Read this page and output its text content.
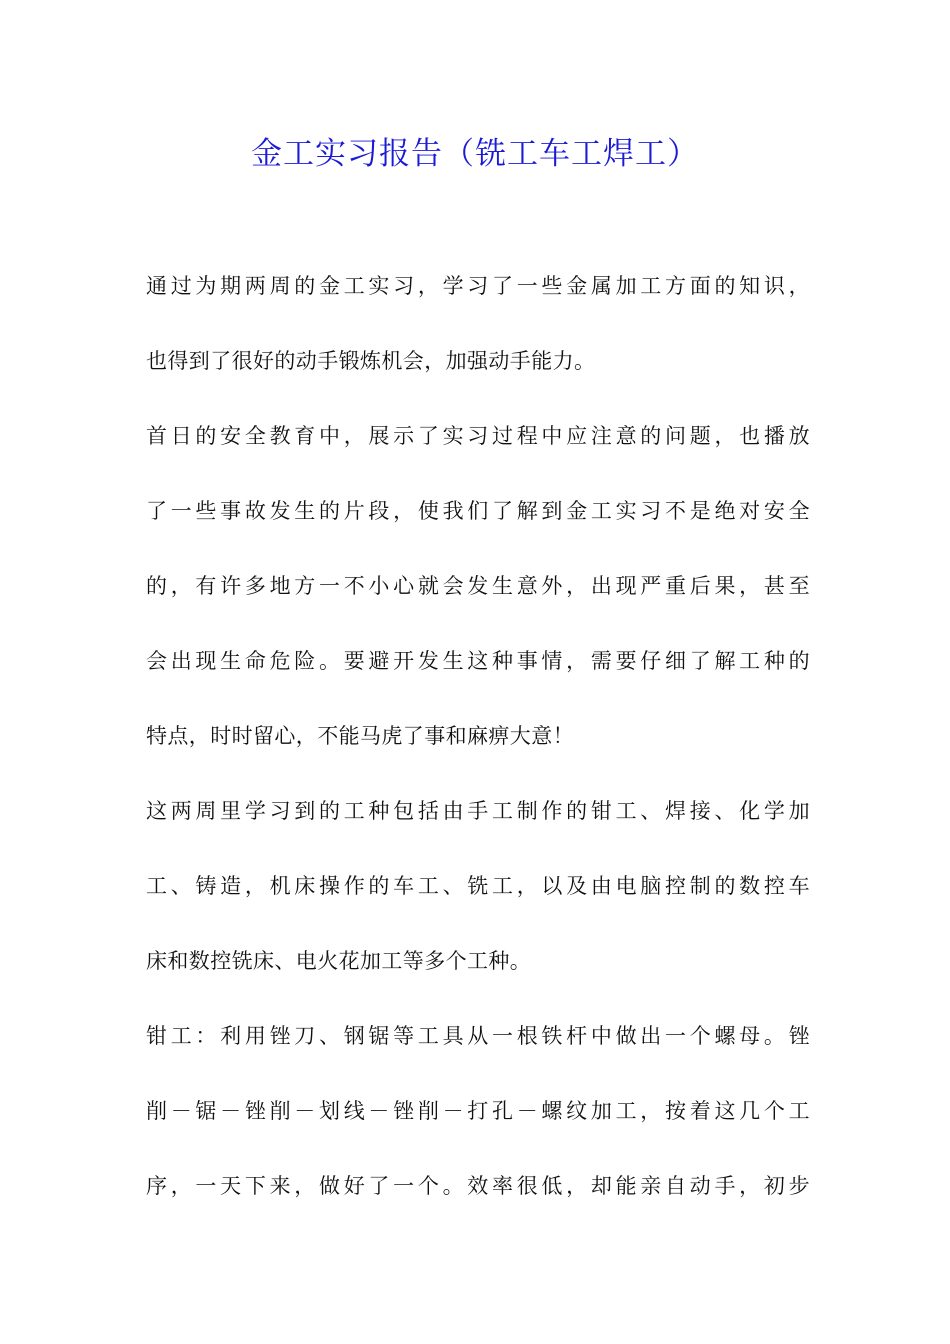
金工实习报告（铣工车工焊工）
通过为期两周的金工实习，学习了一些金属加工方面的知识，
也得到了很好的动手锻炼机会，加强动手能力。
首日的安全教育中，展示了实习过程中应注意的问题，也播放
了一些事故发生的片段，使我们了解到金工实习不是绝对安全
的，有许多地方一不小心就会发生意外，出现严重后果，甚至
会出现生命危险。要避开发生这种事情，需要仔细了解工种的
特点，时时留心，不能马虎了事和麻痹大意！
这两周里学习到的工种包括由手工制作的钳工、焊接、化学加
工、铸造，机床操作的车工、铣工，以及由电脑控制的数控车
床和数控铣床、电火花加工等多个工种。
钳工：利用锉刀、钢锯等工具从一根铁杆中做出一个螺母。锉
削－锯－锉削－划线－锉削－打孔－螺纹加工，按着这几个工
序，一天下来，做好了一个。效率很低，却能亲自动手，初步
